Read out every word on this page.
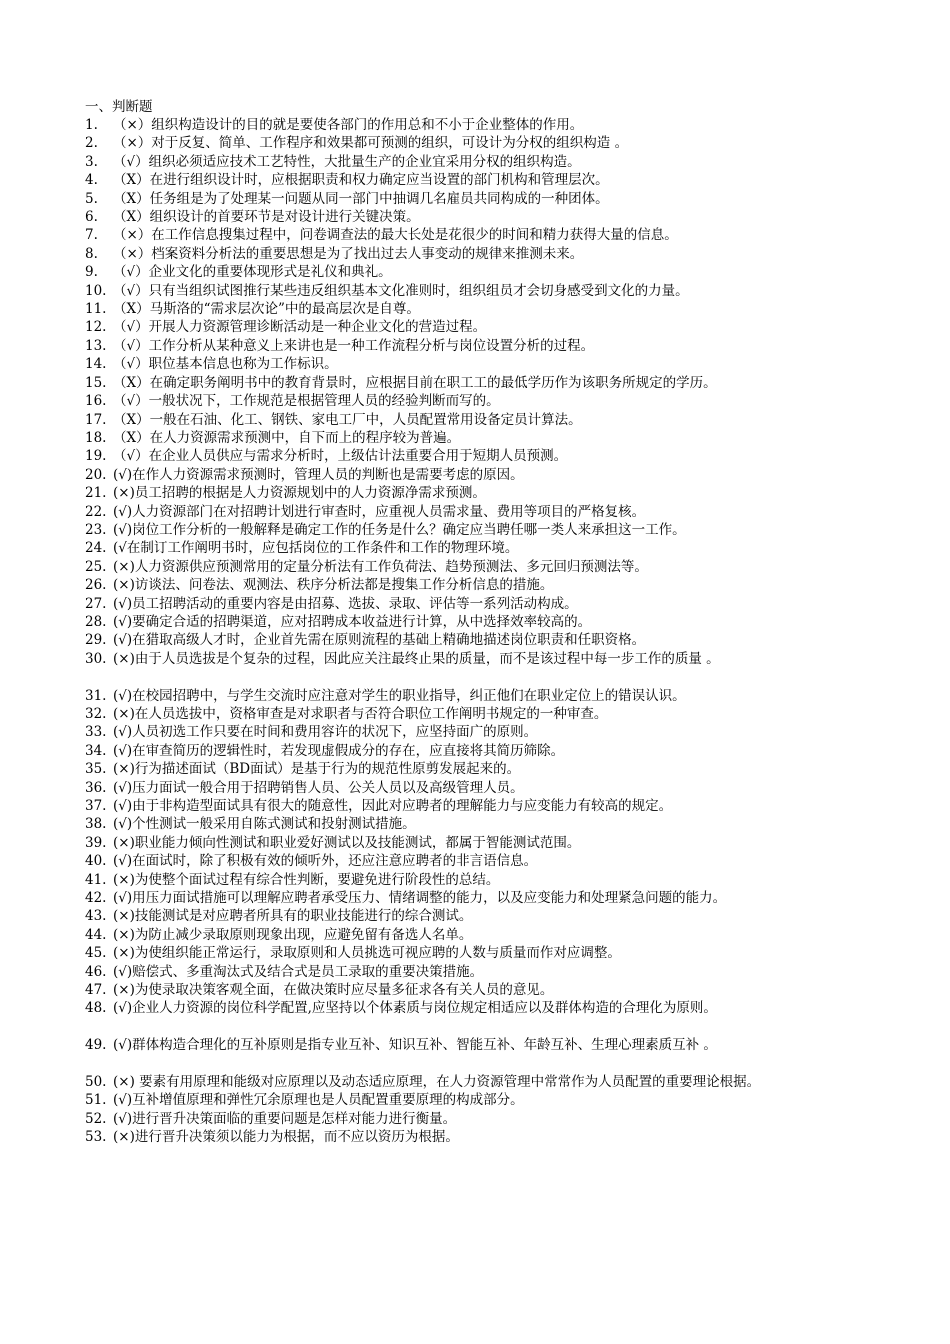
一、判断题
1.	（×）组织构造设计的目的就是要使各部门的作用总和不小于企业整体的作用。
2.	（×）对于反复、简单、工作程序和效果都可预测的组织，可设计为分权的组织构造 。
3.	（√）组织必须适应技术工艺特性，大批量生产的企业宜采用分权的组织构造。
4.	（X）在进行组织设计时，应根据职责和权力确定应当设置的部门机构和管理层次。
5.	（X）任务组是为了处理某一问题从同一部门中抽调几名雇员共同构成的一种团体。
6.	（X）组织设计的首要环节是对设计进行关键决策。
7.	（×）在工作信息搜集过程中，问卷调查法的最大长处是花很少的时间和精力获得大量的信息。
8.	（×）档案资料分析法的重要思想是为了找出过去人事变动的规律来推测未来。
9.	（√）企业文化的重要体现形式是礼仪和典礼。
10. （√）只有当组织试图推行某些违反组织基本文化准则时，组织组员才会切身感受到文化的力量。
11. （X）马斯洛的“需求层次论”中的最高层次是自尊。
12. （√）开展人力资源管理诊断活动是一种企业文化的营造过程。
13. （√）工作分析从某种意义上来讲也是一种工作流程分析与岗位设置分析的过程。
14. （√）职位基本信息也称为工作标识。
15. （X）在确定职务阐明书中的教育背景时，应根据目前在职工工的最低学历作为该职务所规定的学历。
16. （√）一般状况下，工作规范是根据管理人员的经验判断而写的。
17. （X）一般在石油、化工、钢铁、家电工厂中，人员配置常用设备定员计算法。
18. （X）在人力资源需求预测中，自下而上的程序较为普遍。
19. （√）在企业人员供应与需求分析时，上级估计法重要合用于短期人员预测。
20. (√)在作人力资源需求预测时，管理人员的判断也是需要考虑的原因。
21. (×)员工招聘的根据是人力资源规划中的人力资源净需求预测。
22. (√)人力资源部门在对招聘计划进行审查时，应重视人员需求量、费用等项目的严格复核。
23. (√)岗位工作分析的一般解释是确定工作的任务是什么？确定应当聘任哪一类人来承担这一工作。
24. (√在制订工作阐明书时，应包括岗位的工作条件和工作的物理环境。
25. (×)人力资源供应预测常用的定量分析法有工作负荷法、趋势预测法、多元回归预测法等。
26. (×)访谈法、问卷法、观测法、秩序分析法都是搜集工作分析信息的措施。
27. (√)员工招聘活动的重要内容是由招募、选拔、录取、评估等一系列活动构成。
28. (√)要确定合适的招聘渠道，应对招聘成本收益进行计算，从中选择效率较高的。
29. (√)在猎取高级人才时，企业首先需在原则流程的基础上精确地描述岗位职责和任职资格。
30. (×)由于人员选拔是个复杂的过程，因此应关注最终止果的质量，而不是该过程中每一步工作的质量 。
31. (√)在校园招聘中，与学生交流时应注意对学生的职业指导，纠正他们在职业定位上的错误认识。
32. (×)在人员选拔中，资格审查是对求职者与否符合职位工作阐明书规定的一种审查。
33. (√)人员初选工作只要在时间和费用容许的状况下，应坚持面广的原则。
34. (√)在审查简历的逻辑性时，若发现虚假成分的存在，应直接将其简历筛除。
35. (×)行为描述面试（BD面试）是基于行为的规范性原剪发展起来的。
36. (√)压力面试一般合用于招聘销售人员、公关人员以及高级管理人员。
37. (√)由于非构造型面试具有很大的随意性，因此对应聘者的理解能力与应变能力有较高的规定。
38. (√)个性测试一般采用自陈式测试和投射测试措施。
39. (×)职业能力倾向性测试和职业爱好测试以及技能测试，都属于智能测试范围。
40. (√)在面试时，除了积极有效的倾听外，还应注意应聘者的非言语信息。
41. (×)为使整个面试过程有综合性判断，要避免进行阶段性的总结。
42. (√)用压力面试措施可以理解应聘者承受压力、情绪调整的能力，以及应变能力和处理紧急问题的能力。
43. (×)技能测试是对应聘者所具有的职业技能进行的综合测试。
44. (×)为防止减少录取原则现象出现，应避免留有备选人名单。
45. (×)为使组织能正常运行，录取原则和人员挑选可视应聘的人数与质量而作对应调整。
46. (√)赔偿式、多重淘汰式及结合式是员工录取的重要决策措施。
47. (×)为使录取决策客观全面，在做决策时应尽量多征求各有关人员的意见。
48. (√)企业人力资源的岗位科学配置,应坚持以个体素质与岗位规定相适应以及群体构造的合理化为原则。
49. (√)群体构造合理化的互补原则是指专业互补、知识互补、智能互补、年龄互补、生理心理素质互补 。
50. (×) 要素有用原理和能级对应原理以及动态适应原理，在人力资源管理中常常作为人员配置的重要理论根据。
51. (√)互补增值原理和弹性冗余原理也是人员配置重要原理的构成部分。
52. (√)进行晋升决策面临的重要问题是怎样对能力进行衡量。
53. (×)进行晋升决策须以能力为根据，而不应以资历为根据。
